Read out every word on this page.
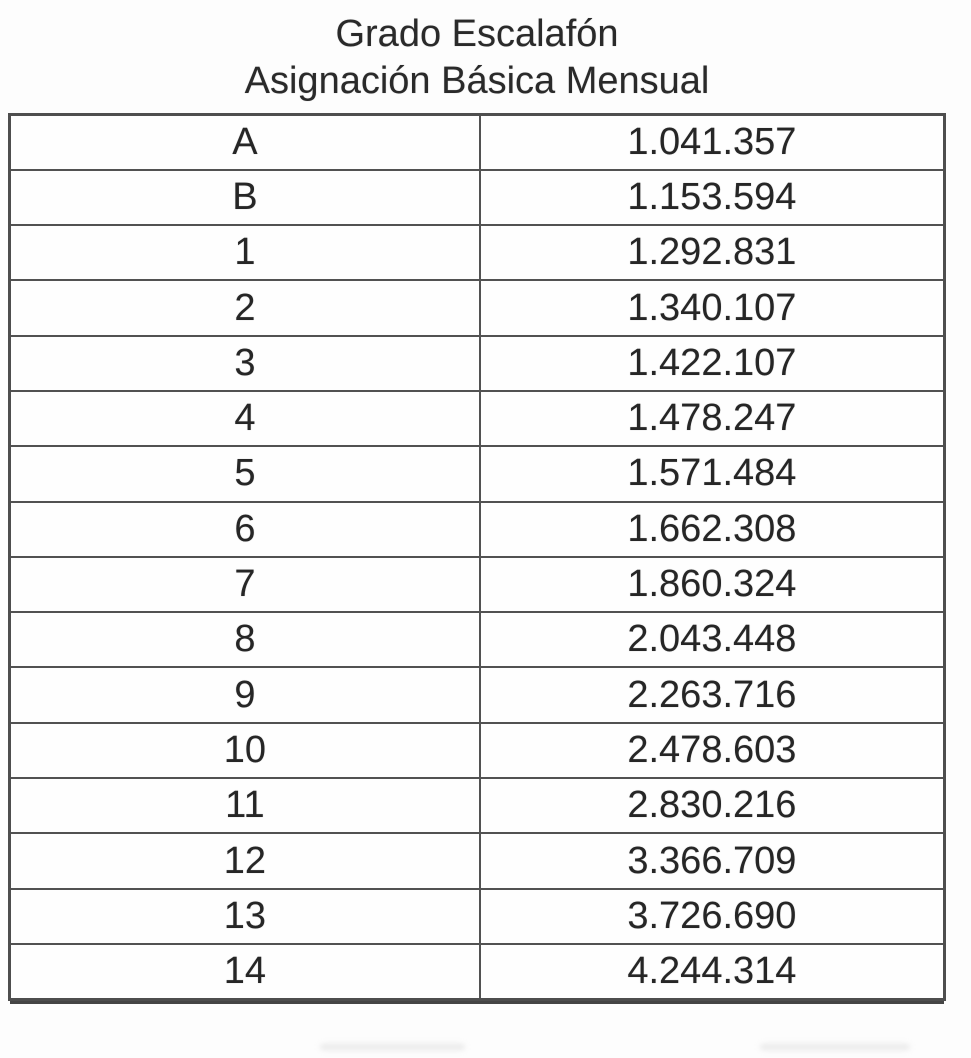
Grado Escalafón
Asignación Básica Mensual
A	1.041.357
B	1.153.594
1	1.292.831
2	1.340.107
3	1.422.107
4	1.478.247
5	1.571.484
6	1.662.308
7	1.860.324
8	2.043.448
9	2.263.716
10	2.478.603
11	2.830.216
12	3.366.709
13	3.726.690
14	4.244.314
